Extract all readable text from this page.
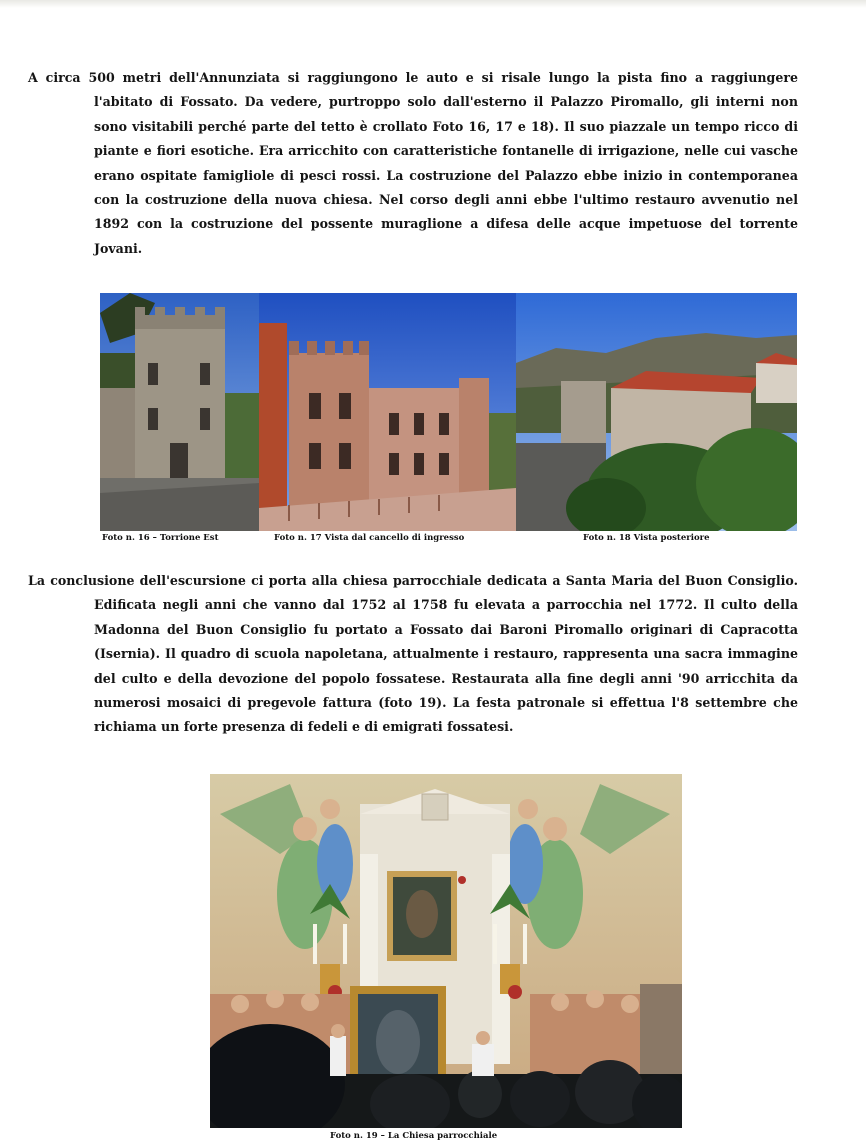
A circa 500 metri dell'Annunziata si raggiungono le auto e si risale lungo la pista fino a raggiungere l'abitato di Fossato. Da vedere, purtroppo solo dall'esterno il Palazzo Piromallo, gli interni non sono visitabili perché parte del tetto è crollato Foto 16, 17 e 18). Il suo piazzale un tempo ricco di piante e fiori esotiche. Era arricchito con caratteristiche fontanelle di irrigazione, nelle cui vasche erano ospitate famigliole di pesci rossi. La costruzione del Palazzo ebbe inizio in contemporanea con la costruzione della nuova chiesa. Nel corso degli anni ebbe l'ultimo restauro avvenutio nel 1892 con la costruzione del possente muraglione a difesa delle acque impetuose del torrente Jovani.

Foto n. 16 – Torrione Est	Foto n. 17 Vista dal cancello di ingresso	Foto n. 18 Vista posteriore

La conclusione dell'escursione ci porta alla chiesa parrocchiale dedicata a Santa Maria del Buon Consiglio. Edificata negli anni che vanno dal 1752 al 1758 fu elevata a parrocchia nel 1772. Il culto della Madonna del Buon Consiglio fu portato a Fossato dai Baroni Piromallo originari di Capracotta (Isernia). Il quadro di scuola napoletana, attualmente i restauro, rappresenta una sacra immagine del culto e della devozione del popolo fossatese. Restaurata alla fine degli anni '90 arricchita da numerosi mosaici di pregevole fattura (foto 19). La festa patronale si effettua l'8 settembre che richiama un forte presenza di fedeli e di emigrati fossatesi.

Foto n. 19 – La Chiesa parrocchiale
